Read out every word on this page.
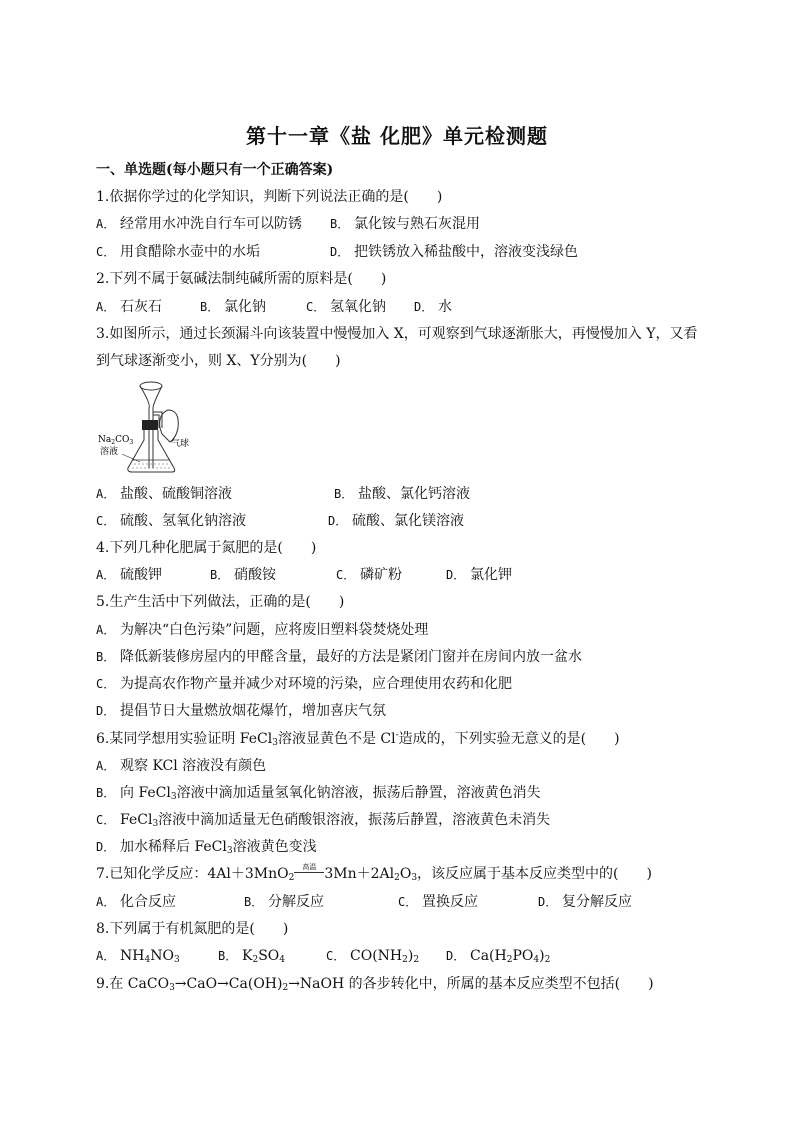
第十一章《盐 化肥》单元检测题
一、单选题(每小题只有一个正确答案)
1.依据你学过的化学知识，判断下列说法正确的是(　　)
A． 经常用水冲洗自行车可以防锈 B． 氯化铵与熟石灰混用
C． 用食醋除水壶中的水垢	D． 把铁锈放入稀盐酸中，溶液变浅绿色
2.下列不属于氨碱法制纯碱所需的原料是(　　)
A． 石灰石	B． 氯化钠	C． 氢氧化钠 D． 水
3.如图所示，通过长颈漏斗向该装置中慢慢加入 X，可观察到气球逐渐胀大，再慢慢加入 Y，又看
到气球逐渐变小，则 X、Y分别为(　　)
$Na_2CO_3$
溶液
气球
A． 盐酸、硫酸铜溶液	B． 盐酸、氯化钙溶液
C． 硫酸、氢氧化钠溶液	D． 硫酸、氯化镁溶液
4.下列几种化肥属于氮肥的是(　　)
A． 硫酸钾	B． 硝酸铵	C． 磷矿粉	D． 氯化钾
5.生产生活中下列做法，正确的是(　　)
A． 为解决“白色污染”问题，应将废旧塑料袋焚烧处理
B． 降低新装修房屋内的甲醛含量，最好的方法是紧闭门窗并在房间内放一盆水
C． 为提高农作物产量并减少对环境的污染，应合理使用农药和化肥
D． 提倡节日大量燃放烟花爆竹，增加喜庆气氛
6.某同学想用实验证明 FeCl$_3$溶液显黄色不是 Cl-造成的，下列实验无意义的是(　　)
A． 观察 KCl 溶液没有颜色
B． 向 FeCl$_3$溶液中滴加适量氢氧化钠溶液，振荡后静置，溶液黄色消失
C． FeCl$_3$溶液中滴加适量无色硝酸银溶液，振荡后静置，溶液黄色未消失
D． 加水稀释后 FeCl$_3$溶液黄色变浅
7.已知化学反应：4Al＋3MnO$_2$
高温 $3Mn+2Al_2O_3$，该反应属于基本反应类型中的(　　)
A． 化合反应	B． 分解反应	C． 置换反应	D． 复分解反应
8.下列属于有机氮肥的是(　　)
A． $NH_4NO_3$	B． $K_2SO_4$	C． $CO(NH_2)_2$ D． $Ca(H_2PO_4)_2$
9.在 $CaCO_3\to CaO\to Ca(OH)_2\to NaOH$ 的各步转化中，所属的基本反应类型不包括(　　)
